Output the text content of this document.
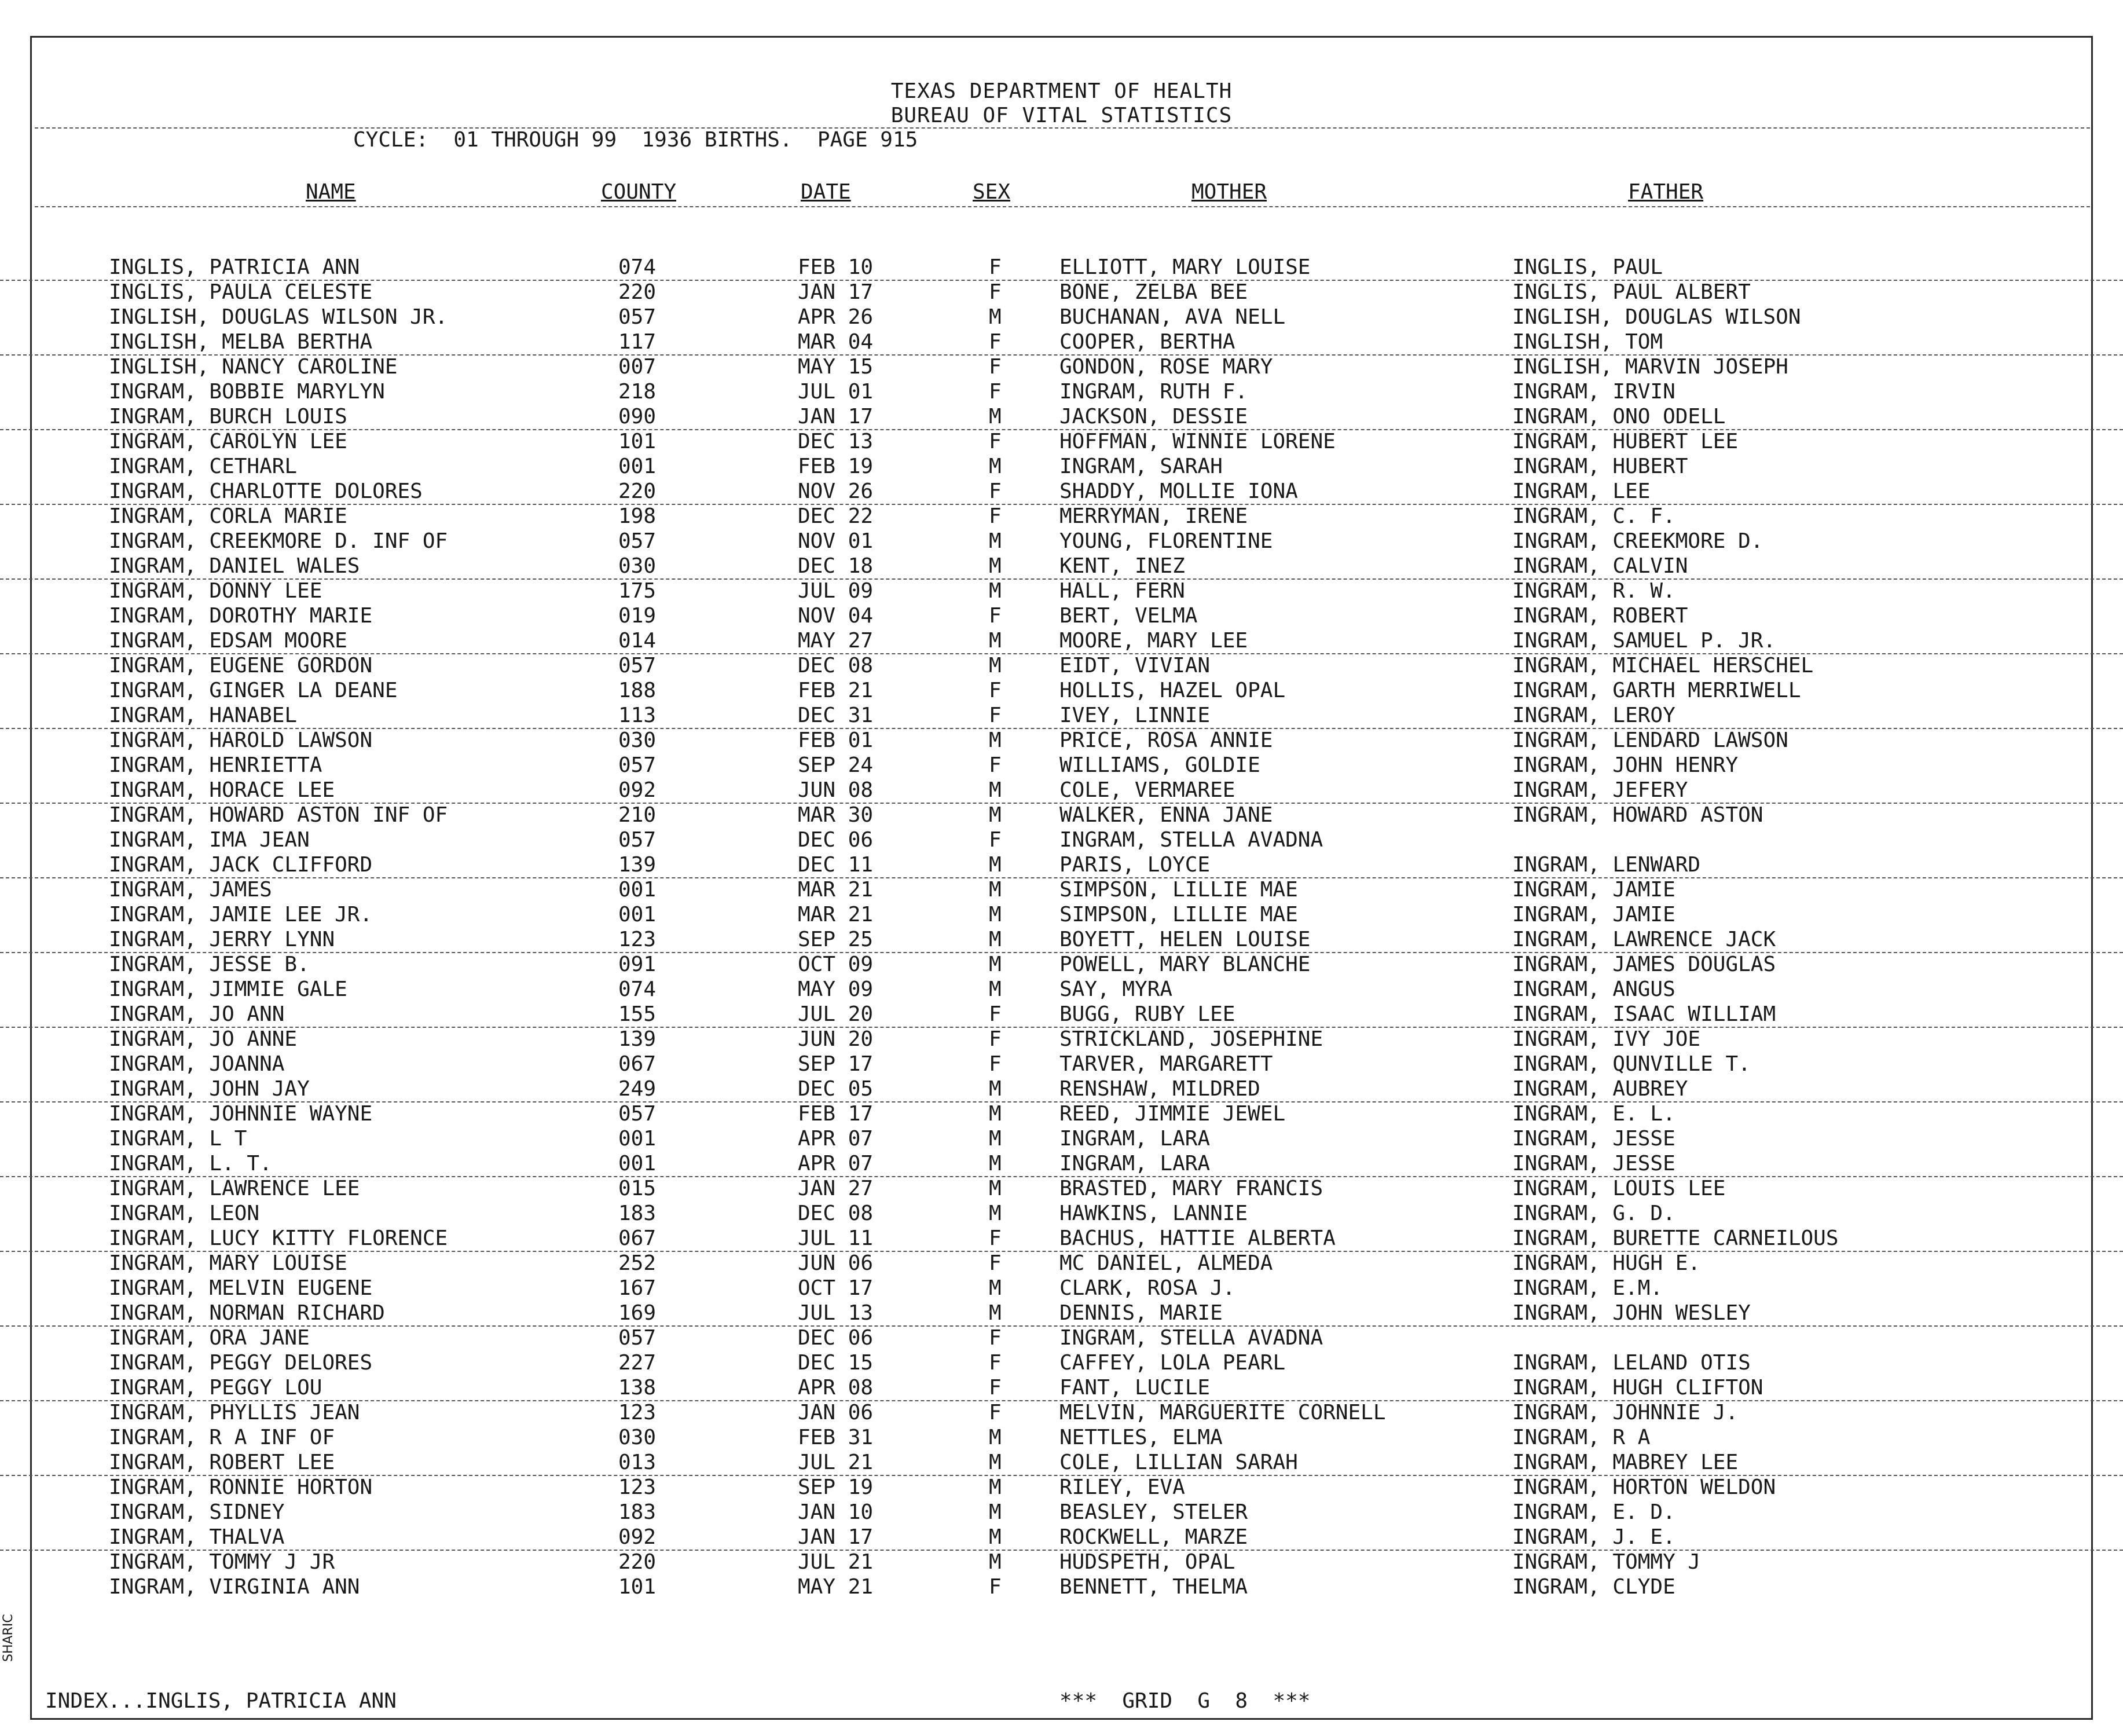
TEXAS DEPARTMENT OF HEALTH
BUREAU OF VITAL STATISTICS
CYCLE:  01 THROUGH 99  1936 BIRTHS.  PAGE 915
NAME	COUNTY	DATE	SEX	MOTHER	FATHER
INGLIS, PATRICIA ANN	074	FEB 10	F	ELLIOTT, MARY LOUISE	INGLIS, PAUL
INGLIS, PAULA CELESTE	220	JAN 17	F	BONE, ZELBA BEE	INGLIS, PAUL ALBERT
INGLISH, DOUGLAS WILSON JR.	057	APR 26	M	BUCHANAN, AVA NELL	INGLISH, DOUGLAS WILSON
INGLISH, MELBA BERTHA	117	MAR 04	F	COOPER, BERTHA	INGLISH, TOM
INGLISH, NANCY CAROLINE	007	MAY 15	F	GONDON, ROSE MARY	INGLISH, MARVIN JOSEPH
INGRAM, BOBBIE MARYLYN	218	JUL 01	F	INGRAM, RUTH F.	INGRAM, IRVIN
INGRAM, BURCH LOUIS	090	JAN 17	M	JACKSON, DESSIE	INGRAM, ONO ODELL
INGRAM, CAROLYN LEE	101	DEC 13	F	HOFFMAN, WINNIE LORENE	INGRAM, HUBERT LEE
INGRAM, CETHARL	001	FEB 19	M	INGRAM, SARAH	INGRAM, HUBERT
INGRAM, CHARLOTTE DOLORES	220	NOV 26	F	SHADDY, MOLLIE IONA	INGRAM, LEE
INGRAM, CORLA MARIE	198	DEC 22	F	MERRYMAN, IRENE	INGRAM, C. F.
INGRAM, CREEKMORE D. INF OF	057	NOV 01	M	YOUNG, FLORENTINE	INGRAM, CREEKMORE D.
INGRAM, DANIEL WALES	030	DEC 18	M	KENT, INEZ	INGRAM, CALVIN
INGRAM, DONNY LEE	175	JUL 09	M	HALL, FERN	INGRAM, R. W.
INGRAM, DOROTHY MARIE	019	NOV 04	F	BERT, VELMA	INGRAM, ROBERT
INGRAM, EDSAM MOORE	014	MAY 27	M	MOORE, MARY LEE	INGRAM, SAMUEL P. JR.
INGRAM, EUGENE GORDON	057	DEC 08	M	EIDT, VIVIAN	INGRAM, MICHAEL HERSCHEL
INGRAM, GINGER LA DEANE	188	FEB 21	F	HOLLIS, HAZEL OPAL	INGRAM, GARTH MERRIWELL
INGRAM, HANABEL	113	DEC 31	F	IVEY, LINNIE	INGRAM, LEROY
INGRAM, HAROLD LAWSON	030	FEB 01	M	PRICE, ROSA ANNIE	INGRAM, LENDARD LAWSON
INGRAM, HENRIETTA	057	SEP 24	F	WILLIAMS, GOLDIE	INGRAM, JOHN HENRY
INGRAM, HORACE LEE	092	JUN 08	M	COLE, VERMAREE	INGRAM, JEFERY
INGRAM, HOWARD ASTON INF OF	210	MAR 30	M	WALKER, ENNA JANE	INGRAM, HOWARD ASTON
INGRAM, IMA JEAN	057	DEC 06	F	INGRAM, STELLA AVADNA
INGRAM, JACK CLIFFORD	139	DEC 11	M	PARIS, LOYCE	INGRAM, LENWARD
INGRAM, JAMES	001	MAR 21	M	SIMPSON, LILLIE MAE	INGRAM, JAMIE
INGRAM, JAMIE LEE JR.	001	MAR 21	M	SIMPSON, LILLIE MAE	INGRAM, JAMIE
INGRAM, JERRY LYNN	123	SEP 25	M	BOYETT, HELEN LOUISE	INGRAM, LAWRENCE JACK
INGRAM, JESSE B.	091	OCT 09	M	POWELL, MARY BLANCHE	INGRAM, JAMES DOUGLAS
INGRAM, JIMMIE GALE	074	MAY 09	M	SAY, MYRA	INGRAM, ANGUS
INGRAM, JO ANN	155	JUL 20	F	BUGG, RUBY LEE	INGRAM, ISAAC WILLIAM
INGRAM, JO ANNE	139	JUN 20	F	STRICKLAND, JOSEPHINE	INGRAM, IVY JOE
INGRAM, JOANNA	067	SEP 17	F	TARVER, MARGARETT	INGRAM, QUNVILLE T.
INGRAM, JOHN JAY	249	DEC 05	M	RENSHAW, MILDRED	INGRAM, AUBREY
INGRAM, JOHNNIE WAYNE	057	FEB 17	M	REED, JIMMIE JEWEL	INGRAM, E. L.
INGRAM, L T	001	APR 07	M	INGRAM, LARA	INGRAM, JESSE
INGRAM, L. T.	001	APR 07	M	INGRAM, LARA	INGRAM, JESSE
INGRAM, LAWRENCE LEE	015	JAN 27	M	BRASTED, MARY FRANCIS	INGRAM, LOUIS LEE
INGRAM, LEON	183	DEC 08	M	HAWKINS, LANNIE	INGRAM, G. D.
INGRAM, LUCY KITTY FLORENCE	067	JUL 11	F	BACHUS, HATTIE ALBERTA	INGRAM, BURETTE CARNEILOUS
INGRAM, MARY LOUISE	252	JUN 06	F	MC DANIEL, ALMEDA	INGRAM, HUGH E.
INGRAM, MELVIN EUGENE	167	OCT 17	M	CLARK, ROSA J.	INGRAM, E.M.
INGRAM, NORMAN RICHARD	169	JUL 13	M	DENNIS, MARIE	INGRAM, JOHN WESLEY
INGRAM, ORA JANE	057	DEC 06	F	INGRAM, STELLA AVADNA
INGRAM, PEGGY DELORES	227	DEC 15	F	CAFFEY, LOLA PEARL	INGRAM, LELAND OTIS
INGRAM, PEGGY LOU	138	APR 08	F	FANT, LUCILE	INGRAM, HUGH CLIFTON
INGRAM, PHYLLIS JEAN	123	JAN 06	F	MELVIN, MARGUERITE CORNELL	INGRAM, JOHNNIE J.
INGRAM, R A INF OF	030	FEB 31	M	NETTLES, ELMA	INGRAM, R A
INGRAM, ROBERT LEE	013	JUL 21	M	COLE, LILLIAN SARAH	INGRAM, MABREY LEE
INGRAM, RONNIE HORTON	123	SEP 19	M	RILEY, EVA	INGRAM, HORTON WELDON
INGRAM, SIDNEY	183	JAN 10	M	BEASLEY, STELER	INGRAM, E. D.
INGRAM, THALVA	092	JAN 17	M	ROCKWELL, MARZE	INGRAM, J. E.
INGRAM, TOMMY J JR	220	JUL 21	M	HUDSPETH, OPAL	INGRAM, TOMMY J
INGRAM, VIRGINIA ANN	101	MAY 21	F	BENNETT, THELMA	INGRAM, CLYDE
INDEX...INGLIS, PATRICIA ANN	***  GRID  G  8  ***
SHARIC
